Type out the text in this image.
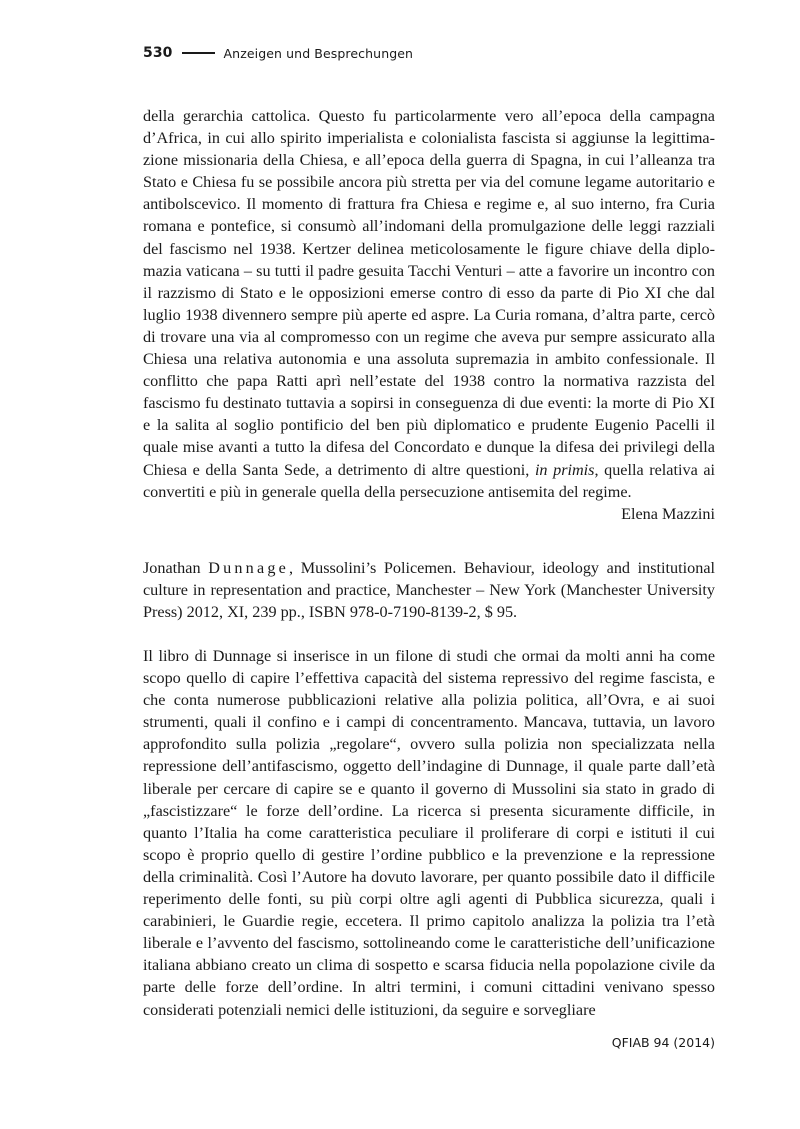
530	Anzeigen und Besprechungen

della gerarchia cattolica. Questo fu particolarmente vero all’epoca della campagna d’Africa, in cui allo spirito imperialista e colonialista fascista si aggiunse la legittimazione missionaria della Chiesa, e all’epoca della guerra di Spagna, in cui l’alleanza tra Stato e Chiesa fu se possibile ancora più stretta per via del comune legame autoritario e antibolscevico. Il momento di frattura fra Chiesa e regime e, al suo interno, fra Curia romana e pontefice, si consumò all’indomani della promulgazione delle leggi razziali del fascismo nel 1938. Kertzer delinea meticolosamente le figure chiave della diplomazia vaticana – su tutti il padre gesuita Tacchi Venturi – atte a favorire un incontro con il razzismo di Stato e le opposizioni emerse contro di esso da parte di Pio XI che dal luglio 1938 divennero sempre più aperte ed aspre. La Curia romana, d’altra parte, cercò di trovare una via al compromesso con un regime che aveva pur sempre assicurato alla Chiesa una relativa autonomia e una assoluta supremazia in ambito confessionale. Il conflitto che papa Ratti aprì nell’estate del 1938 contro la normativa razzista del fascismo fu destinato tuttavia a sopirsi in conseguenza di due eventi: la morte di Pio XI e la salita al soglio pontificio del ben più diplomatico e prudente Eugenio Pacelli il quale mise avanti a tutto la difesa del Concordato e dunque la difesa dei privilegi della Chiesa e della Santa Sede, a detrimento di altre questioni, in primis, quella relativa ai convertiti e più in generale quella della persecuzione antisemita del regime.

Elena Mazzini
Jonathan Dunnage, Mussolini’s Policemen. Behaviour, ideology and institutional culture in representation and practice, Manchester – New York (Manchester University Press) 2012, XI, 239 pp., ISBN 978-0-7190-8139-2, $ 95.

Il libro di Dunnage si inserisce in un filone di studi che ormai da molti anni ha come scopo quello di capire l’effettiva capacità del sistema repressivo del regime fascista, e che conta numerose pubblicazioni relative alla polizia politica, all’Ovra, e ai suoi strumenti, quali il confino e i campi di concentramento. Mancava, tuttavia, un lavoro approfondito sulla polizia „regolare“, ovvero sulla polizia non specializzata nella repressione dell’antifascismo, oggetto dell’indagine di Dunnage, il quale parte dall’età liberale per cercare di capire se e quanto il governo di Mussolini sia stato in grado di „fascistizzare“ le forze dell’ordine. La ricerca si presenta sicuramente difficile, in quanto l’Italia ha come caratteristica peculiare il proliferare di corpi e istituti il cui scopo è proprio quello di gestire l’ordine pubblico e la prevenzione e la repressione della criminalità. Così l’Autore ha dovuto lavorare, per quanto possibile dato il difficile reperimento delle fonti, su più corpi oltre agli agenti di Pubblica sicurezza, quali i carabinieri, le Guardie regie, eccetera. Il primo capitolo analizza la polizia tra l’età liberale e l’avvento del fascismo, sottolineando come le caratteristiche dell’unificazione italiana abbiano creato un clima di sospetto e scarsa fiducia nella popolazione civile da parte delle forze dell’ordine. In altri termini, i comuni cittadini venivano spesso considerati potenziali nemici delle istituzioni, da seguire e sorvegliare

QFIAB 94 (2014)
